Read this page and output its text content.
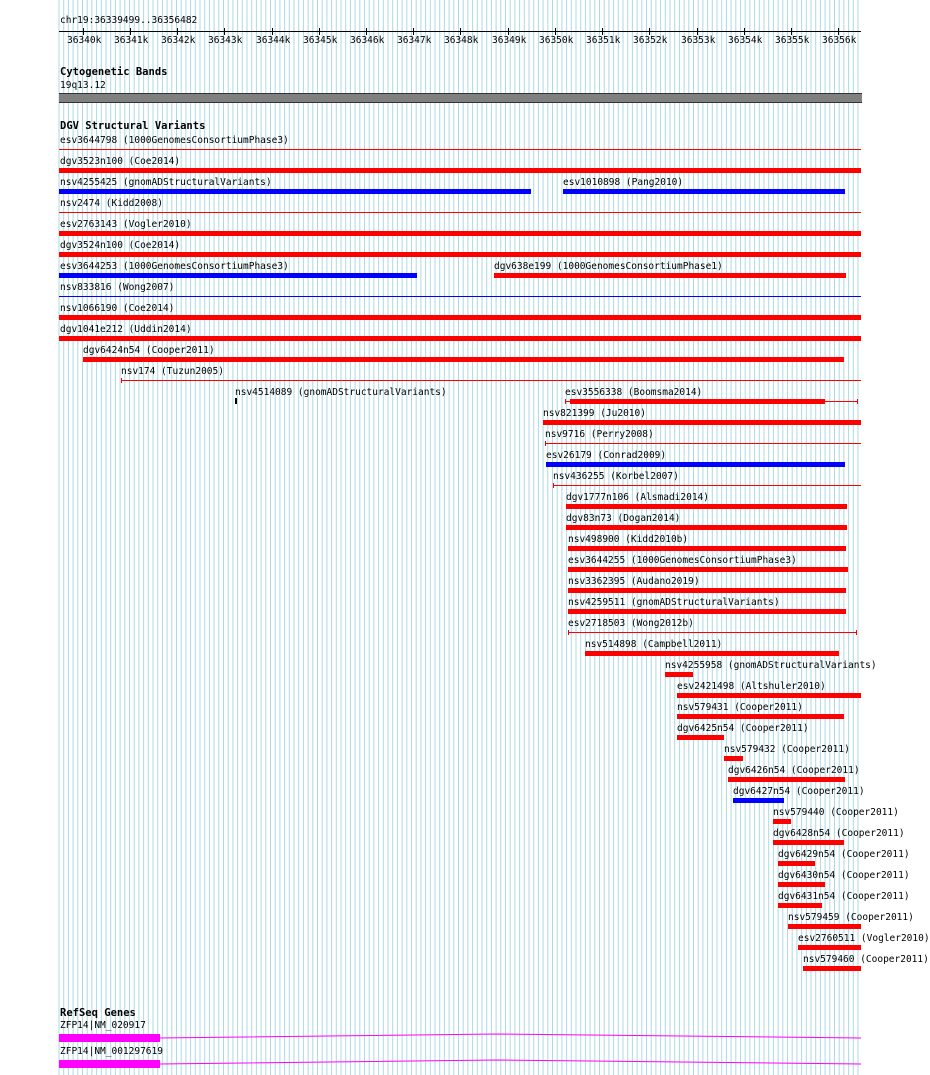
chr19:36339499..36356482
36340k 36341k 36342k 36343k 36344k 36345k 36346k 36347k 36348k 36349k 36350k 36351k 36352k 36353k 36354k 36355k 36356k
Cytogenetic Bands
19q13.12
DGV Structural Variants
esv3644798 (1000GenomesConsortiumPhase3)
dgv3523n100 (Coe2014)
nsv4255425 (gnomADStructuralVariants)	esv1010898 (Pang2010)
nsv2474 (Kidd2008)
esv2763143 (Vogler2010)
dgv3524n100 (Coe2014)
esv3644253 (1000GenomesConsortiumPhase3)	dgv638e199 (1000GenomesConsortiumPhase1)
nsv833816 (Wong2007)
nsv1066190 (Coe2014)
dgv1041e212 (Uddin2014)
dgv6424n54 (Cooper2011)
nsv174 (Tuzun2005)
nsv4514089 (gnomADStructuralVariants)	esv3556338 (Boomsma2014)
nsv821399 (Ju2010)
nsv9716 (Perry2008)
esv26179 (Conrad2009)
nsv436255 (Korbel2007)
dgv1777n106 (Alsmadi2014)
dgv83n73 (Dogan2014)
nsv498900 (Kidd2010b)
esv3644255 (1000GenomesConsortiumPhase3)
nsv3362395 (Audano2019)
nsv4259511 (gnomADStructuralVariants)
esv2718503 (Wong2012b)
nsv514898 (Campbell2011)
nsv4255958 (gnomADStructuralVariants)
esv2421498 (Altshuler2010)
nsv579431 (Cooper2011)
dgv6425n54 (Cooper2011)
nsv579432 (Cooper2011)
dgv6426n54 (Cooper2011)
dgv6427n54 (Cooper2011)
nsv579440 (Cooper2011)
dgv6428n54 (Cooper2011)
dgv6429n54 (Cooper2011)
dgv6430n54 (Cooper2011)
dgv6431n54 (Cooper2011)
nsv579459 (Cooper2011)
esv2760511 (Vogler2010)
nsv579460 (Cooper2011)
RefSeq Genes
ZFP14|NM_020917
ZFP14|NM_001297619
